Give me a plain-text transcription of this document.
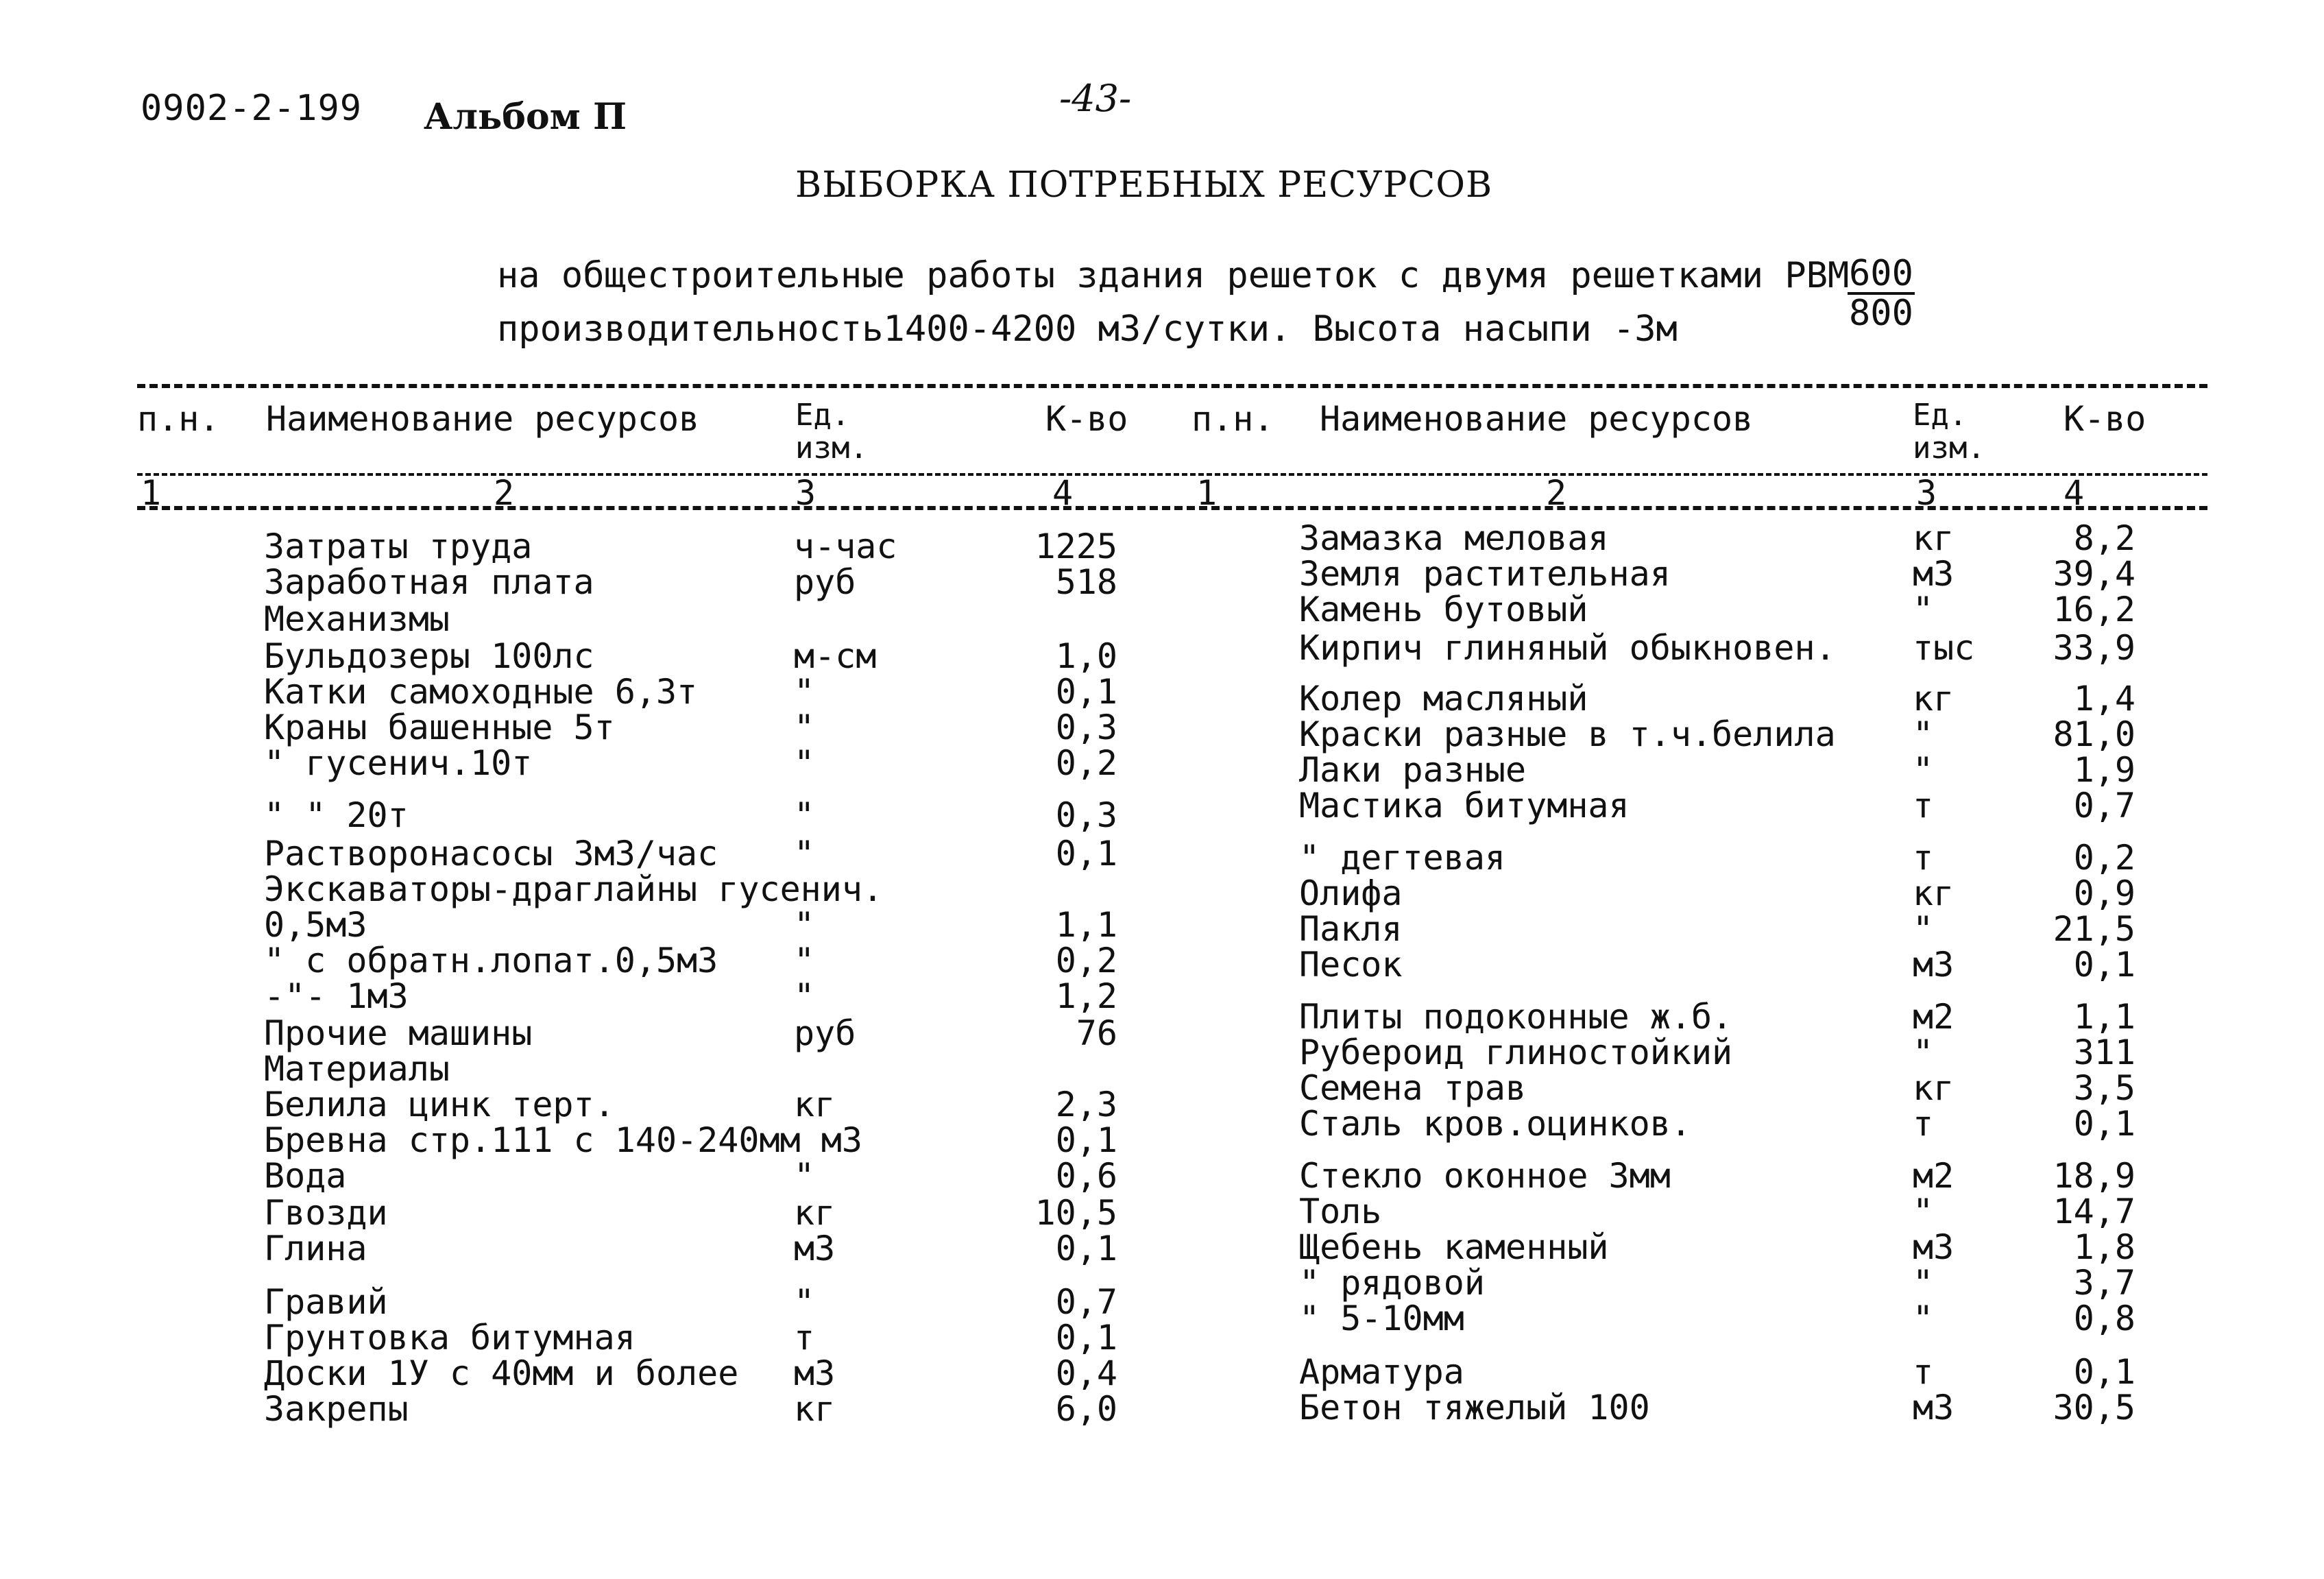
0902-2-199 Альбом П	-43-
ВЫБОРКА ПОТРЕБНЫХ РЕСУРСОВ
на общестроительные работы здания решеток с двумя решетками РВМ
производительность1400-4200 м3/сутки. Высота насыпи -3м	$\frac{600}{800}$
п.н. Наименование ресурсов	Ед. изм.
К-во п.н. Наименование ресурсов	Ед. изм.
К-во
1	2	3	4	1	2	3	4
Затраты труда	ч-час	1225
Заработная плата	руб	518
Механизмы
Бульдозеры 100лс	м-см	1,0
Катки самоходные 6,3т	"	0,1
Краны башенные 5т	"	0,3
" гусенич.10т	"	0,2
" " 20т	"	0,3
Растворонасосы 3м3/час "	0,1
Экскаваторы-драглайны гусенич.
0,5м3	"	1,1
" с обратн.лопат.0,5м3 "	0,2
-"- 1м3	"	1,2
Прочие машины	руб	76
Материалы
Белила цинк терт.	кг	2,3
Бревна стр.111 с 140-240мм м3	0,1
Вода	"	0,6
Гвозди	кг	10,5
Глина	м3	0,1
Гравий	"	0,7
Грунтовка битумная	т	0,1
Доски 1У с 40мм и более м3	0,4
Закрепы	кг	6,0
Замазка меловая	кг	8,2
Земля растительная	м3	39,4
Камень бутовый	"	16,2
Кирпич глиняный обыкновен. тыс	33,9
Колер масляный	кг	1,4
Краски разные в т.ч.белила "	81,0
Лаки разные	"	1,9
Мастика битумная	т	0,7
" дегтевая	т	0,2
Олифа	кг	0,9
Пакля	"	21,5
Песок	м3	0,1
Плиты подоконные ж.б.	м2	1,1
Рубероид глиностойкий	"	311
Семена трав	кг	3,5
Сталь кров.оцинков.	т	0,1
Стекло оконное 3мм	м2	18,9
Толь	"	14,7
Щебень каменный	м3	1,8
" рядовой	"	3,7
" 5-10мм	"	0,8
Арматура	т	0,1
Бетон тяжелый 100	м3	30,5
